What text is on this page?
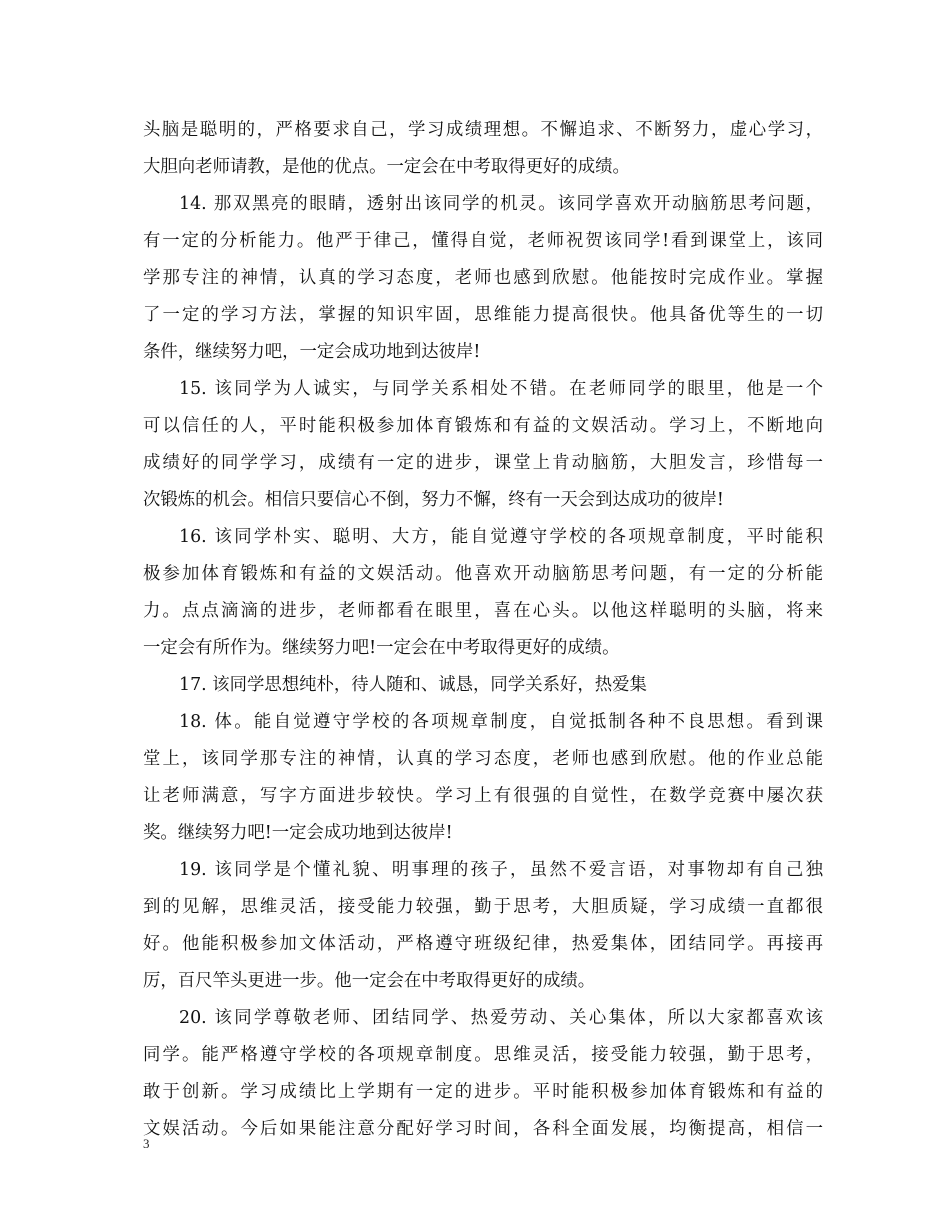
头脑是聪明的，严格要求自己，学习成绩理想。不懈追求、不断努力，虚心学习，
大胆向老师请教，是他的优点。一定会在中考取得更好的成绩。
14. 那双黑亮的眼睛，透射出该同学的机灵。该同学喜欢开动脑筋思考问题，
有一定的分析能力。他严于律己，懂得自觉，老师祝贺该同学!看到课堂上，该同
学那专注的神情，认真的学习态度，老师也感到欣慰。他能按时完成作业。掌握
了一定的学习方法，掌握的知识牢固，思维能力提高很快。他具备优等生的一切
条件，继续努力吧，一定会成功地到达彼岸!
15. 该同学为人诚实，与同学关系相处不错。在老师同学的眼里，他是一个
可以信任的人，平时能积极参加体育锻炼和有益的文娱活动。学习上，不断地向
成绩好的同学学习，成绩有一定的进步，课堂上肯动脑筋，大胆发言，珍惜每一
次锻炼的机会。相信只要信心不倒，努力不懈，终有一天会到达成功的彼岸!
16. 该同学朴实、聪明、大方，能自觉遵守学校的各项规章制度，平时能积
极参加体育锻炼和有益的文娱活动。他喜欢开动脑筋思考问题，有一定的分析能
力。点点滴滴的进步，老师都看在眼里，喜在心头。以他这样聪明的头脑，将来
一定会有所作为。继续努力吧!一定会在中考取得更好的成绩。
17. 该同学思想纯朴，待人随和、诚恳，同学关系好，热爱集
18. 体。能自觉遵守学校的各项规章制度，自觉抵制各种不良思想。看到课
堂上，该同学那专注的神情，认真的学习态度，老师也感到欣慰。他的作业总能
让老师满意，写字方面进步较快。学习上有很强的自觉性，在数学竞赛中屡次获
奖。继续努力吧!一定会成功地到达彼岸!
19. 该同学是个懂礼貌、明事理的孩子，虽然不爱言语，对事物却有自己独
到的见解，思维灵活，接受能力较强，勤于思考，大胆质疑，学习成绩一直都很
好。他能积极参加文体活动，严格遵守班级纪律，热爱集体，团结同学。再接再
厉，百尺竿头更进一步。他一定会在中考取得更好的成绩。
20. 该同学尊敬老师、团结同学、热爱劳动、关心集体，所以大家都喜欢该
同学。能严格遵守学校的各项规章制度。思维灵活，接受能力较强，勤于思考，
敢于创新。学习成绩比上学期有一定的进步。平时能积极参加体育锻炼和有益的
文娱活动。今后如果能注意分配好学习时间，各科全面发展，均衡提高，相信一
3
